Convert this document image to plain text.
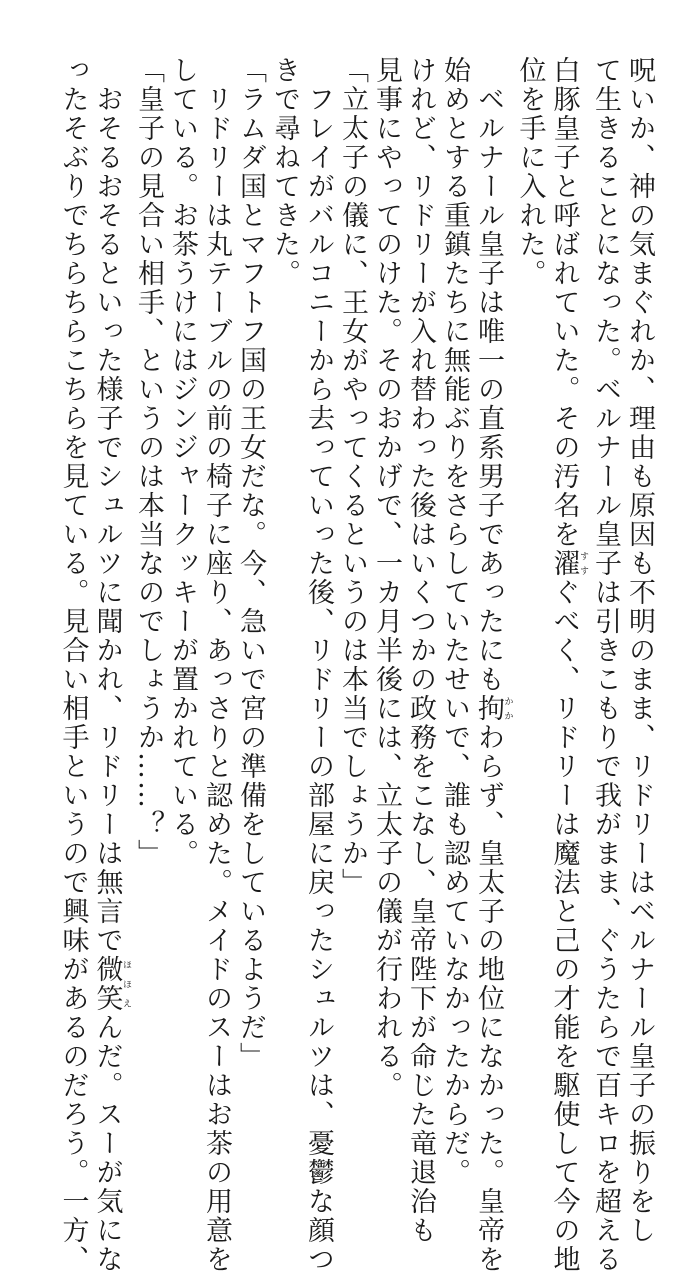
呪いか、神の気まぐれか、理由も原因も不明のまま、リドリーはベルナール皇子の振りをし
て生きることになった。ベルナール皇子は引きこもりで我がまま、ぐうたらで百キロを超える
白豚皇子と呼ばれていた。その汚名を濯すすぐべく、リドリーは魔法と己の才能を駆使して今の地
位を手に入れた。
　ベルナール皇子は唯一の直系男子であったにも拘かかわらず、皇太子の地位になかった。皇帝を
始めとする重鎮たちに無能ぶりをさらしていたせいで、誰も認めていなかったからだ。
けれど、リドリーが入れ替わった後はいくつかの政務をこなし、皇帝陛下が命じた竜退治も
見事にやってのけた。そのおかげで、一カ月半後には、立太子の儀が行われる。
「立太子の儀に、王女がやってくるというのは本当でしょうか」
　フレイがバルコニーから去っていった後、リドリーの部屋に戻ったシュルツは、憂鬱な顔つ
きで尋ねてきた。
「ラムダ国とマフトフ国の王女だな。今、急いで宮の準備をしているようだ」
　リドリーは丸テーブルの前の椅子に座り、あっさりと認めた。メイドのスーはお茶の用意を
している。お茶うけにはジンジャークッキーが置かれている。
「皇子の見合い相手、というのは本当なのでしょうか……？」
　おそるおそるといった様子でシュルツに聞かれ、リドリーは無言で微笑ほほえんだ。スーが気にな
ったそぶりでちらちらこちらを見ている。見合い相手というので興味があるのだろう。一方、
